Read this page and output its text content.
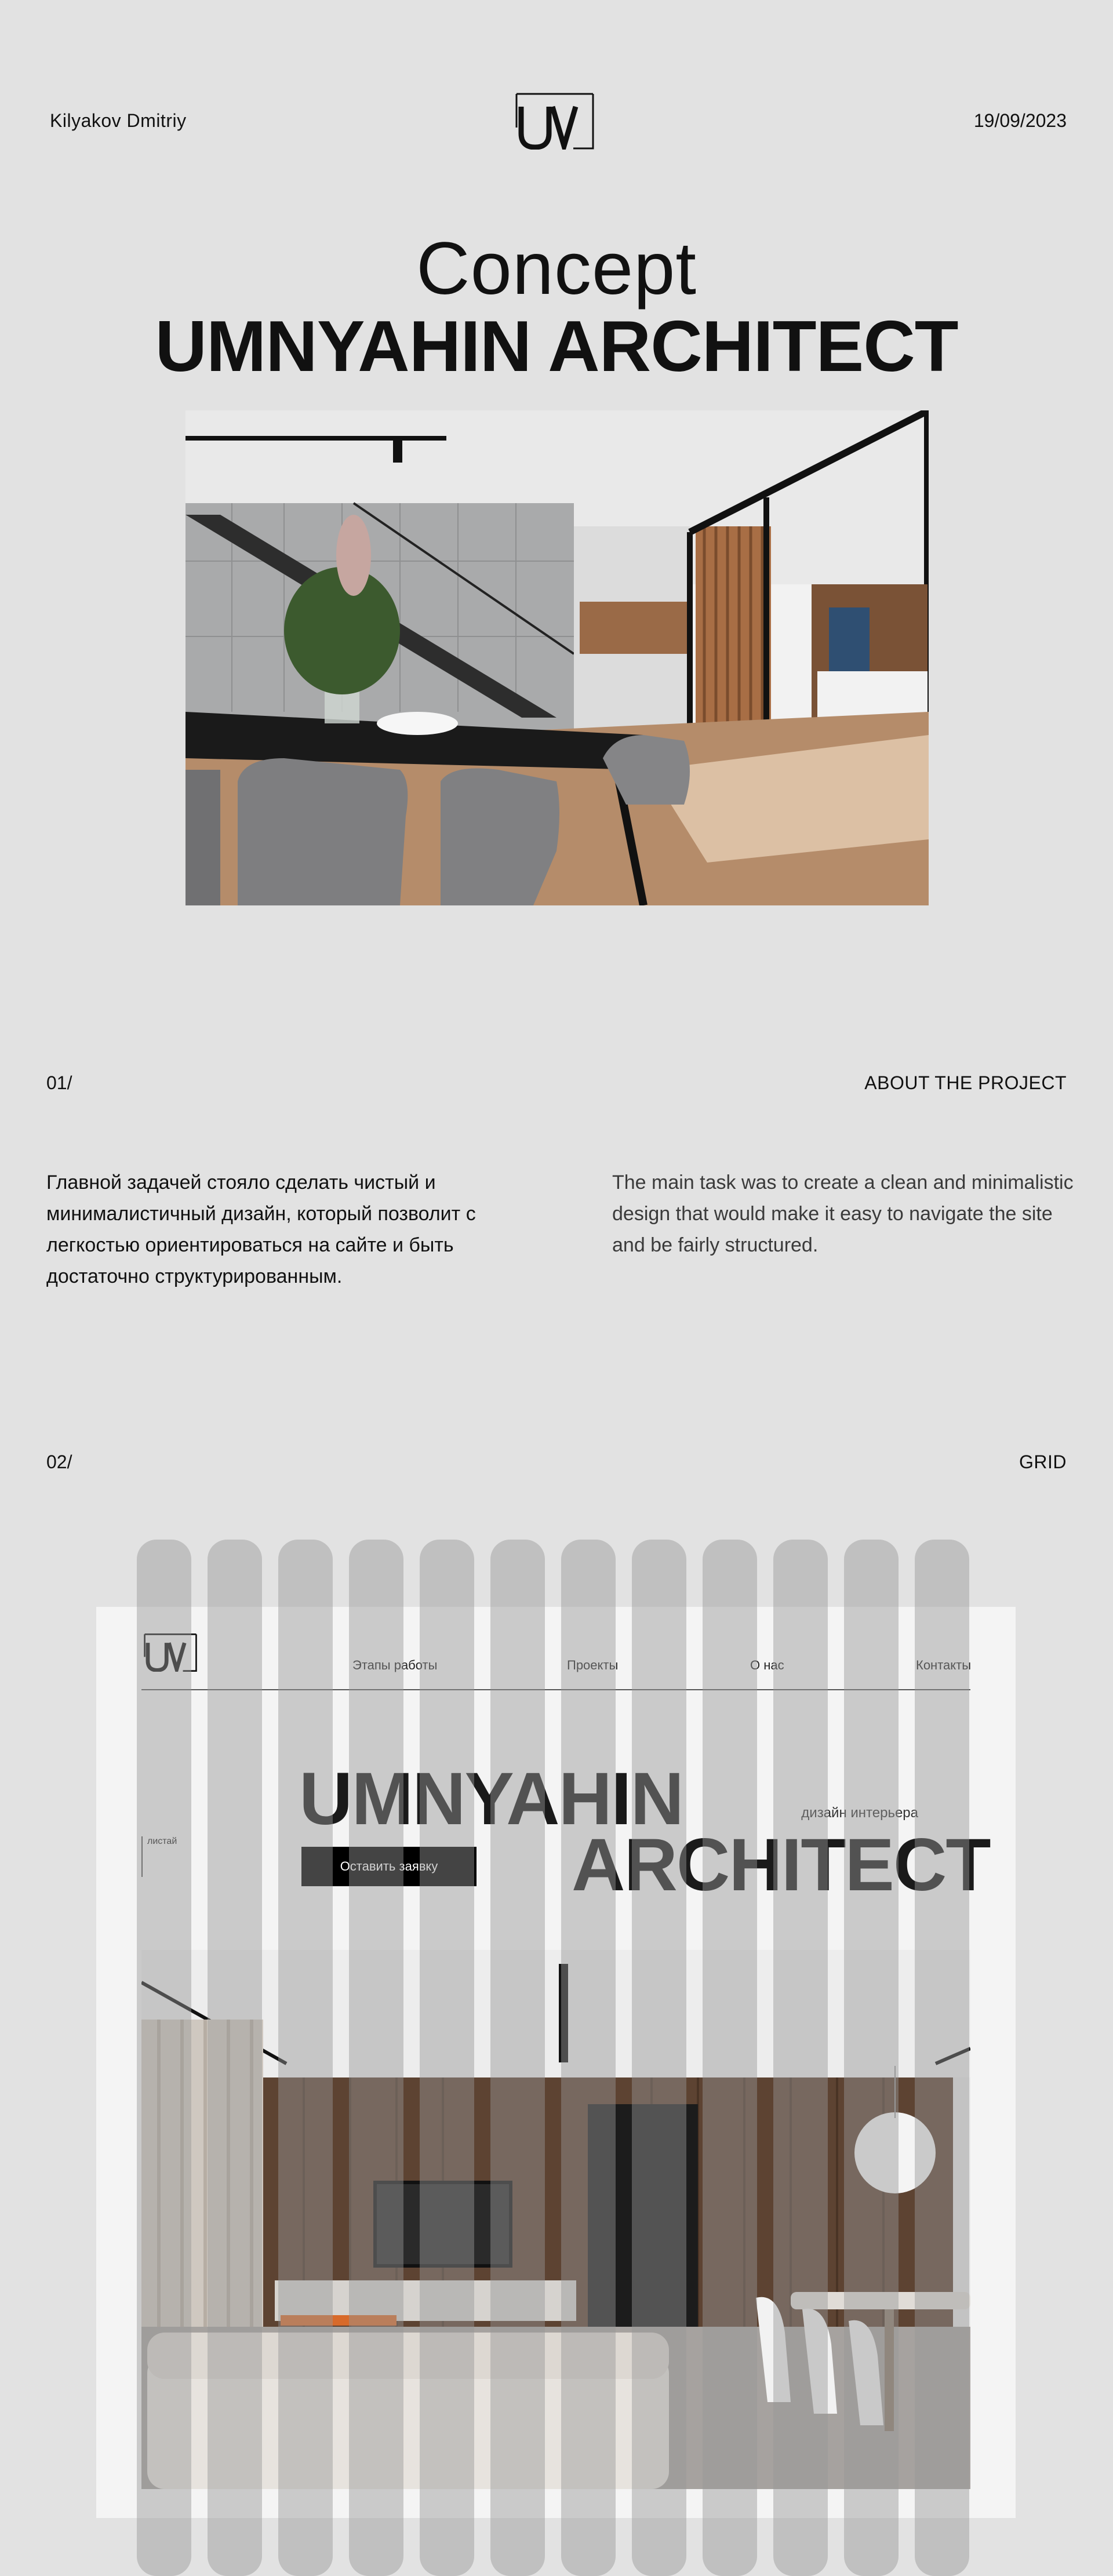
Kilyakov Dmitriy	19/09/2023
Concept
UMNYAHIN ARCHITECT
01/	ABOUT THE PROJECT

Главной задачей стояло сделать чистый и минималистичный дизайн, который позволит с легкостью ориентироваться на сайте и быть достаточно структурированным.

The main task was to create a clean and minimalistic design that would make it easy to navigate the site and be fairly structured.

02/	GRID
Этапы работы	Проекты	О нас	Контакты
UMNYAHIN
ARCHITECT
дизайн интерьера
листай
Оставить заявку
